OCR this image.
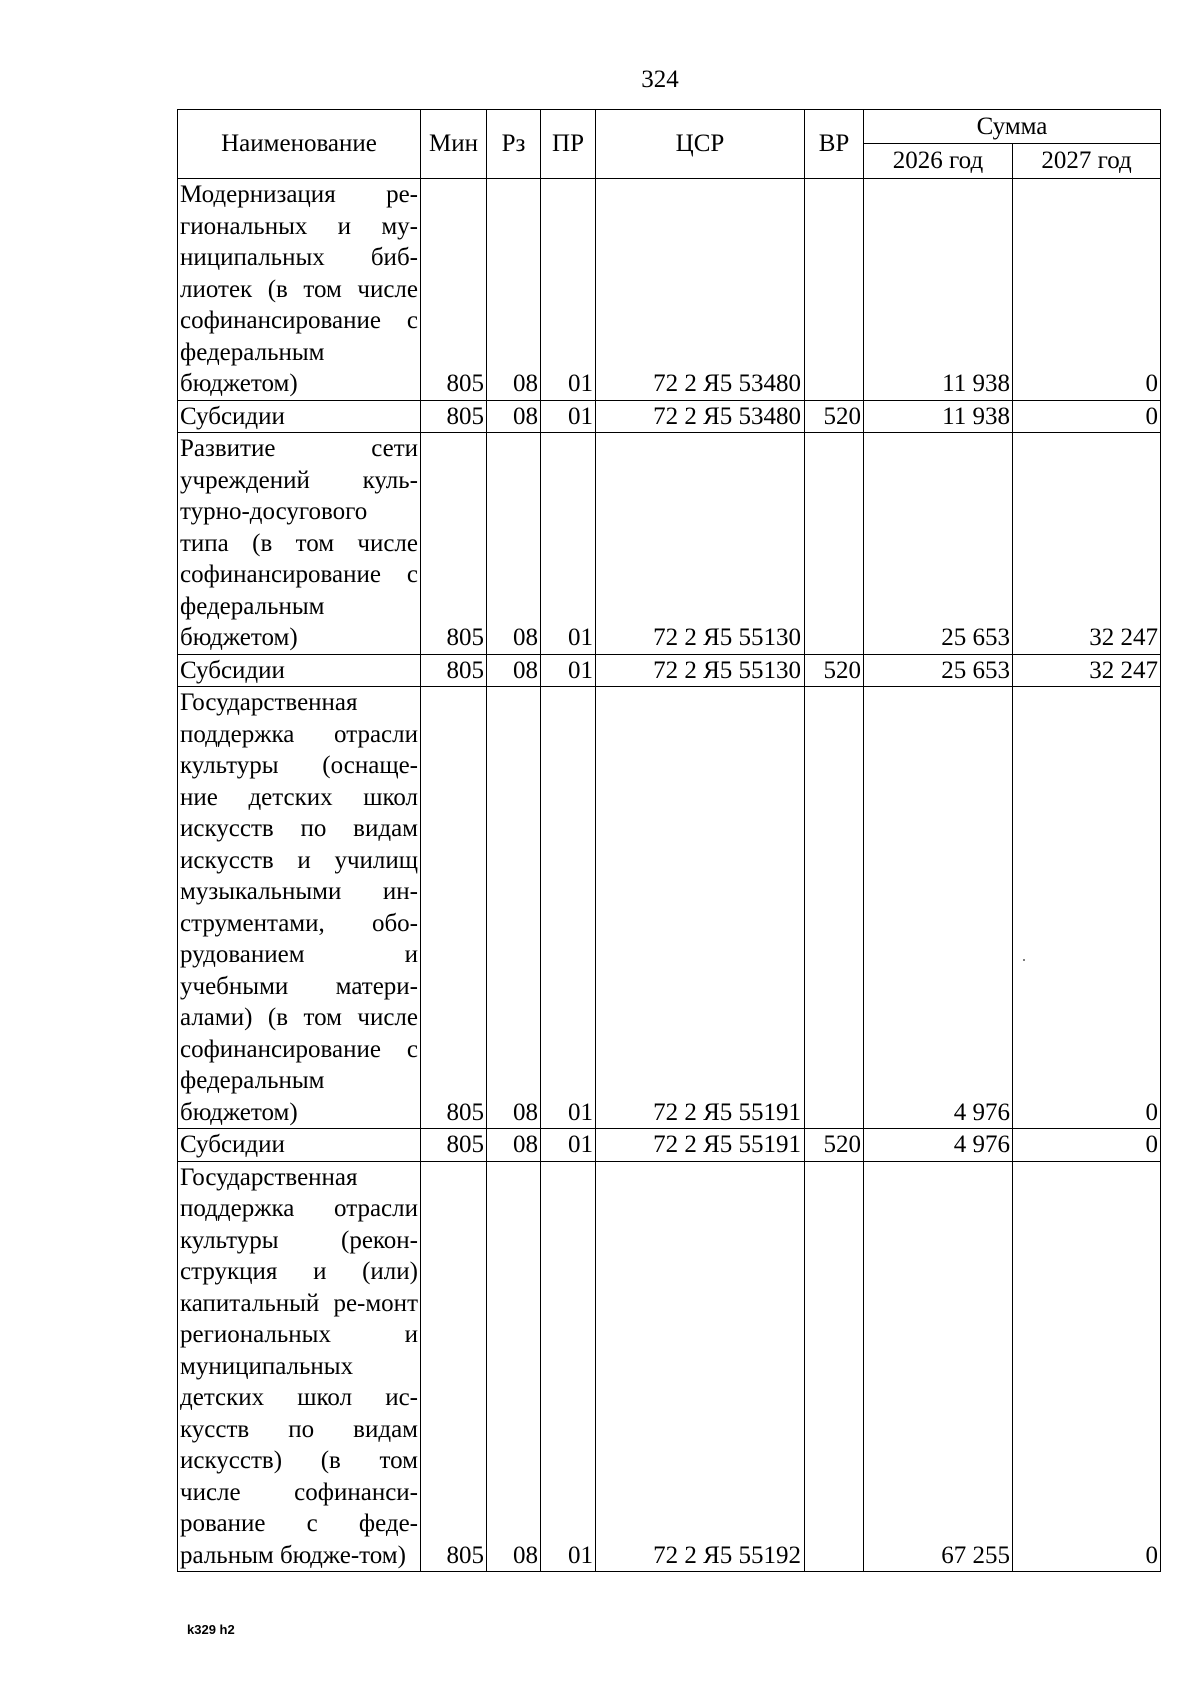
324
Наименование	Мин	Рз	ПР	ЦСР	ВР	Сумма	
						2026 год	2027 год
Модернизация ре-гиональных и му-ниципальных биб-лиотек (в том числе софинансирование с федеральным бюджетом)	805	08	01	72 2 Я5 53480		11 938	0
Субсидии	805	08	01	72 2 Я5 53480	520	11 938	0
Развитие сети учреждений куль-турно-досугового типа (в том числе софинансирование с федеральным бюджетом)	805	08	01	72 2 Я5 55130		25 653	32 247
Субсидии	805	08	01	72 2 Я5 55130	520	25 653	32 247
Государственная поддержка отрасли культуры (оснаще-ние детских школ искусств по видам искусств и училищ музыкальными ин-струментами, обо-рудованием и учебными матери-алами) (в том числе софинансирование с федеральным бюджетом)	805	08	01	72 2 Я5 55191		4 976	0
Субсидии	805	08	01	72 2 Я5 55191	520	4 976	0
Государственная поддержка отрасли культуры (рекон-струкция и (или) капитальный ре-монт региональных и муниципальных детских школ ис-кусств по видам искусств) (в том числе софинанси-рование с феде-ральным бюдже-том)	805	08	01	72 2 Я5 55192		67 255	0
k329 h2
